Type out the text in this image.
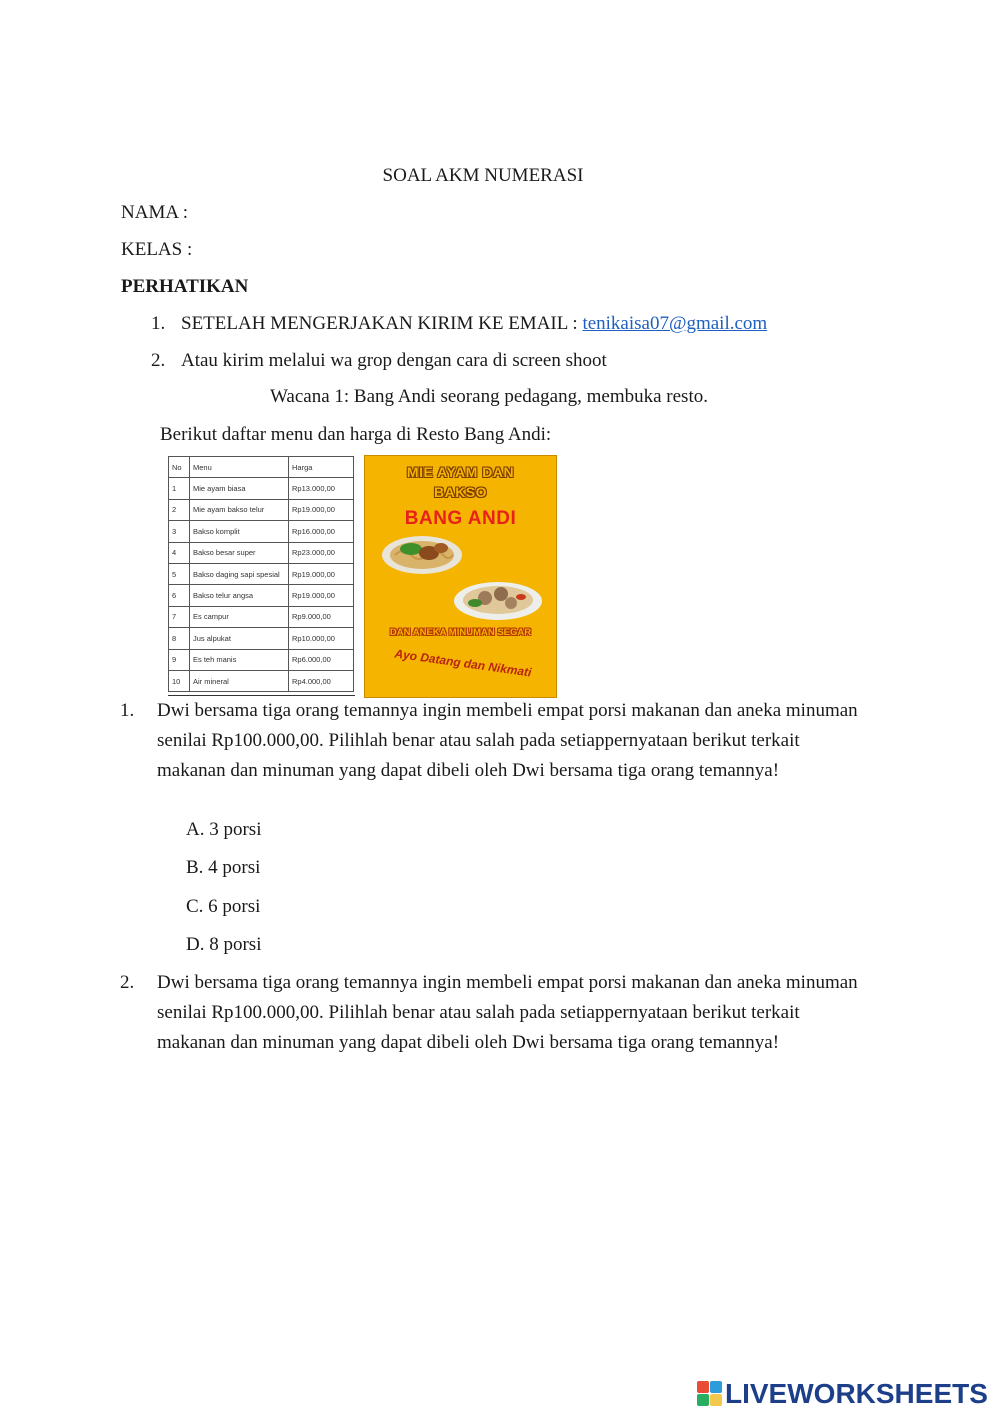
SOAL AKM NUMERASI
NAMA :
KELAS :
PERHATIKAN
1. SETELAH MENGERJAKAN KIRIM KE EMAIL : tenikaisa07@gmail.com
2. Atau kirim melalui wa grop dengan cara di screen shoot
Wacana 1: Bang Andi seorang pedagang, membuka resto.
Berikut daftar menu dan harga di Resto Bang Andi:
No	Menu	Harga
1	Mie ayam biasa	Rp13.000,00
2	Mie ayam bakso telur	Rp19.000,00
3	Bakso komplit	Rp16.000,00
4	Bakso besar super	Rp23.000,00
5	Bakso daging sapi spesial	Rp19.000,00
6	Bakso telur angsa	Rp19.000,00
7	Es campur	Rp9.000,00
8	Jus alpukat	Rp10.000,00
9	Es teh manis	Rp6.000,00
10	Air mineral	Rp4.000,00
MIE AYAM DAN
BAKSO
BANG ANDI
DAN ANEKA MINUMAN SEGAR
Ayo Datang dan Nikmati
1. Dwi bersama tiga orang temannya ingin membeli empat porsi makanan dan aneka minuman senilai Rp100.000,00. Pilihlah benar atau salah pada setiappernyataan berikut terkait makanan dan minuman yang dapat dibeli oleh Dwi bersama tiga orang temannya!
A. 3 porsi
B. 4 porsi
C. 6 porsi
D. 8 porsi
2. Dwi bersama tiga orang temannya ingin membeli empat porsi makanan dan aneka minuman senilai Rp100.000,00. Pilihlah benar atau salah pada setiappernyataan berikut terkait makanan dan minuman yang dapat dibeli oleh Dwi bersama tiga orang temannya!
LIVEWORKSHEETS
